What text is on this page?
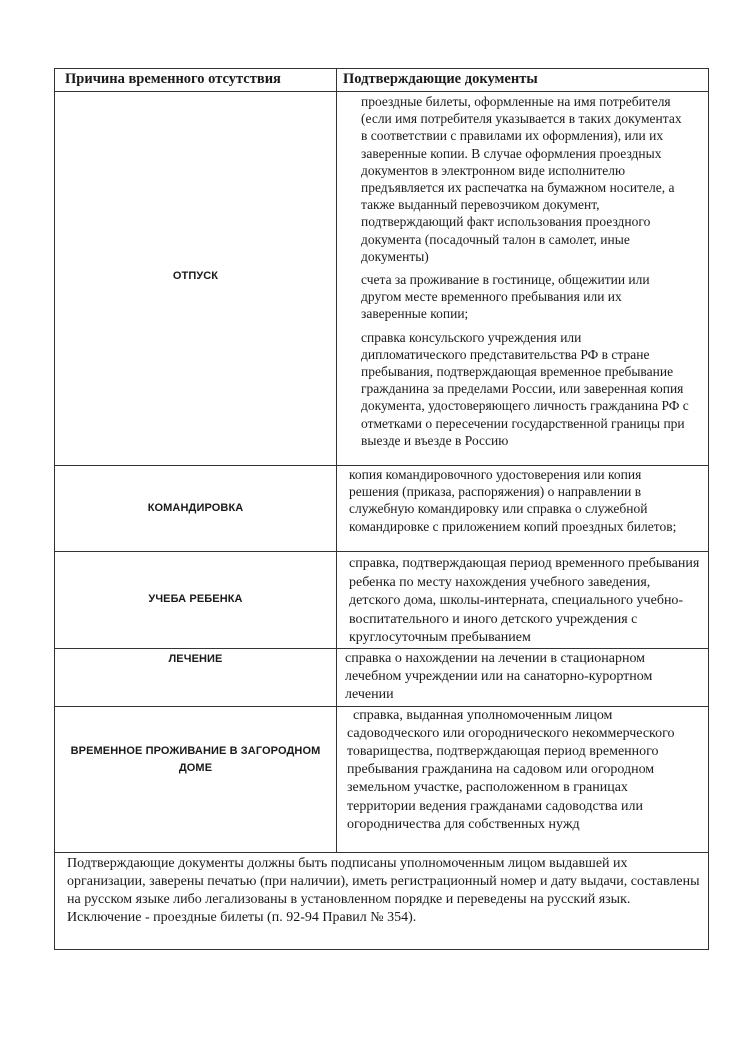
Причина временного отсутствия	Подтверждающие документы

ОТПУСК	проездные билеты, оформленные на имя потребителя (если имя потребителя указывается в таких документах в соответствии с правилами их оформления), или их заверенные копии. В случае оформления проездных документов в электронном виде исполнителю предъявляется их распечатка на бумажном носителе, а также выданный перевозчиком документ, подтверждающий факт использования проездного документа (посадочный талон в самолет, иные документы)

счета за проживание в гостинице, общежитии или другом месте временного пребывания или их заверенные копии;

справка консульского учреждения или дипломатического представительства РФ в стране пребывания, подтверждающая временное пребывание гражданина за пределами России, или заверенная копия документа, удостоверяющего личность гражданина РФ с отметками о пересечении государственной границы при выезде и въезде в Россию

КОМАНДИРОВКА	копия командировочного удостоверения или копия решения (приказа, распоряжения) о направлении в служебную командировку или справка о служебной командировке с приложением копий проездных билетов;

УЧЕБА РЕБЕНКА	справка, подтверждающая период временного пребывания ребенка по месту нахождения учебного заведения, детского дома, школы-интерната, специального учебно-воспитательного и иного детского учреждения с круглосуточным пребыванием

ЛЕЧЕНИЕ	справка о нахождении на лечении в стационарном лечебном учреждении или на санаторно-курортном лечении

ВРЕМЕННОЕ ПРОЖИВАНИЕ В ЗАГОРОДНОМ ДОМЕ	справка, выданная уполномоченным лицом садоводческого или огороднического некоммерческого товарищества, подтверждающая период временного пребывания гражданина на садовом или огородном земельном участке, расположенном в границах территории ведения гражданами садоводства или огородничества для собственных нужд

Подтверждающие документы должны быть подписаны уполномоченным лицом выдавшей их организации, заверены печатью (при наличии), иметь регистрационный номер и дату выдачи, составлены на русском языке либо легализованы в установленном порядке и переведены на русский язык. Исключение - проездные билеты (п. 92-94 Правил № 354).	
